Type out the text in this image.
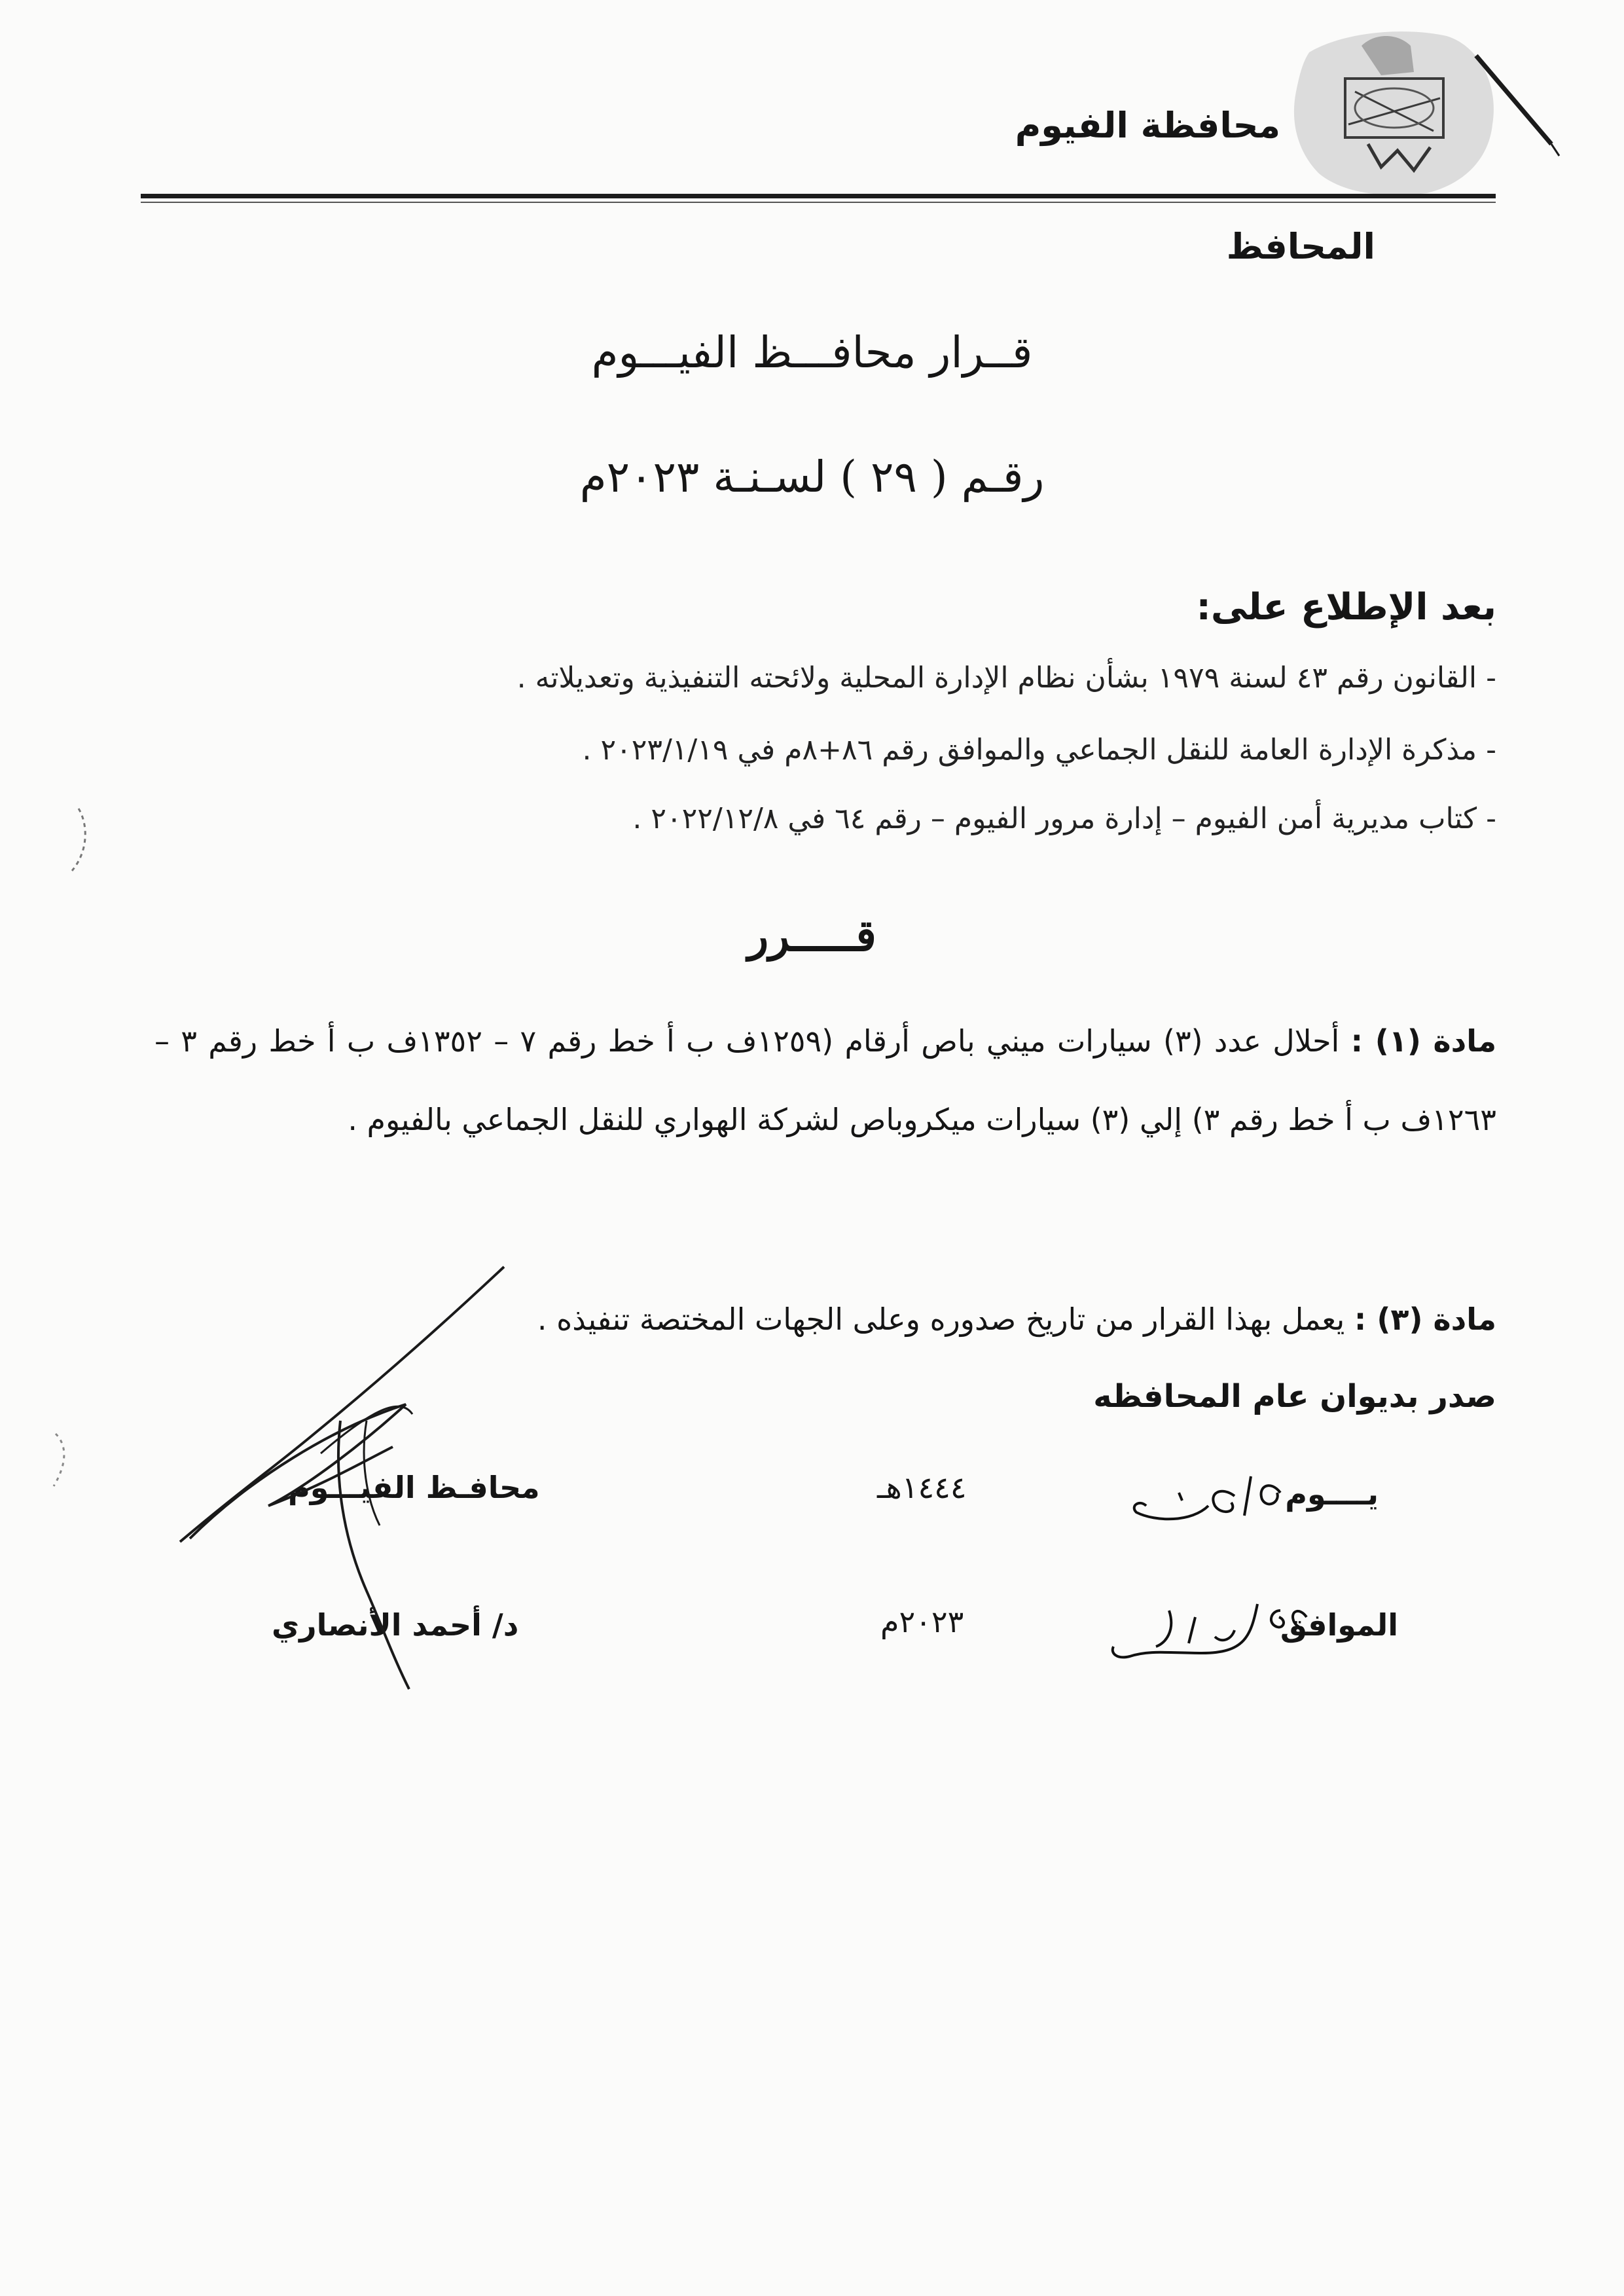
محافظة الفيوم
المحافظ
قــرار محافـــظ الفيـــوم
رقـم ( ٢٩ ) لسـنـة ٢٠٢٣م
بعد الإطلاع على:
- القانون رقم ٤٣ لسنة ١٩٧٩ بشأن نظام الإدارة المحلية ولائحته التنفيذية وتعديلاته .
- مذكرة الإدارة العامة للنقل الجماعي والموافق رقم ٨٦+٨م في ٢٠٢٣/١/١٩ .
- كتاب مديرية أمن الفيوم – إدارة مرور الفيوم – رقم ٦٤ في ٢٠٢٢/١٢/٨ .
قـــــرر
مادة (١) : أحلال عدد (٣) سيارات ميني باص أرقام (١٢٥٩ف ب أ خط رقم ٧ – ١٣٥٢ف ب أ خط رقم ٣ – ١٢٦٣ف ب أ خط رقم ٣) إلي (٣) سيارات ميكروباص لشركة الهواري للنقل الجماعي بالفيوم .
مادة (٣) : يعمل بهذا القرار من تاريخ صدوره وعلى الجهات المختصة تنفيذه .
صدر بديوان عام المحافظه
يــــوم
١٤٤٤هـ
محافـظ الفيـــوم
الموافق
٢٠٢٣م
د/ أحمد الأنصاري
